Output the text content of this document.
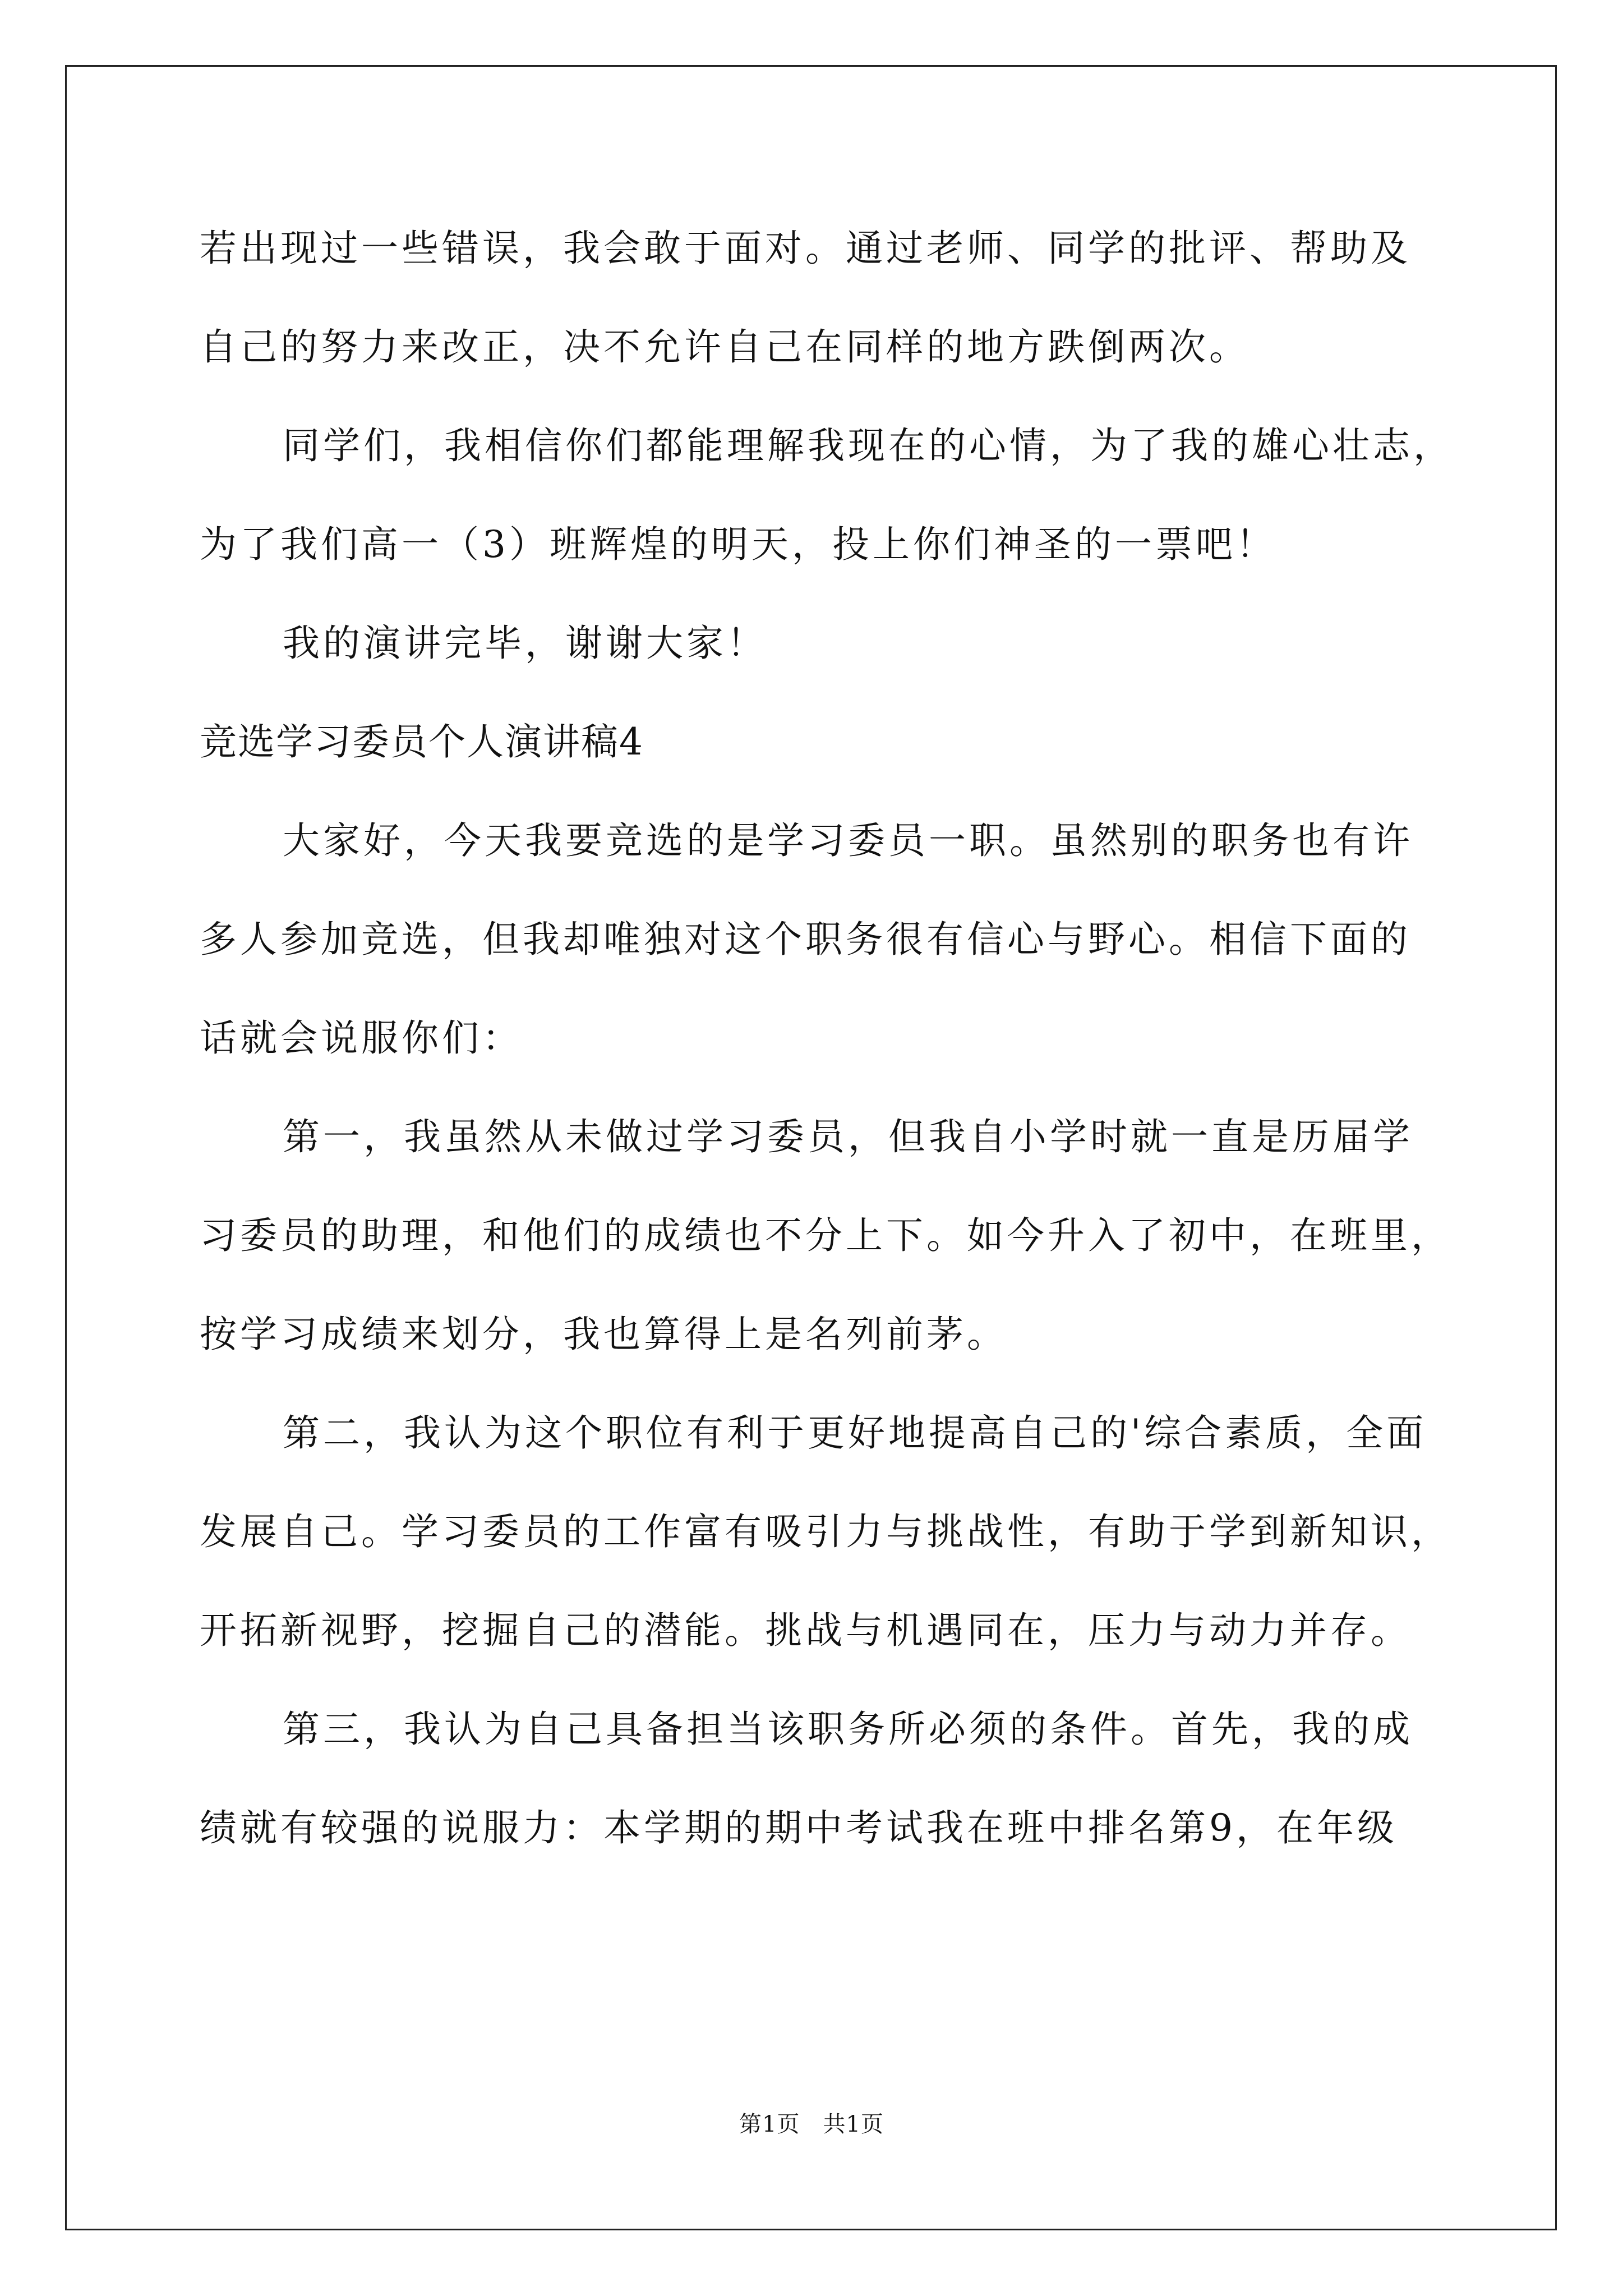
若出现过一些错误，我会敢于面对。通过老师、同学的批评、帮助及
自己的努力来改正，决不允许自己在同样的地方跌倒两次。
同学们，我相信你们都能理解我现在的心情，为了我的雄心壮志，
为了我们高一（3）班辉煌的明天，投上你们神圣的一票吧！
我的演讲完毕，谢谢大家！
竞选学习委员个人演讲稿4
大家好，今天我要竞选的是学习委员一职。虽然别的职务也有许
多人参加竞选，但我却唯独对这个职务很有信心与野心。相信下面的
话就会说服你们：
第一，我虽然从未做过学习委员，但我自小学时就一直是历届学
习委员的助理，和他们的成绩也不分上下。如今升入了初中，在班里，
按学习成绩来划分，我也算得上是名列前茅。
第二，我认为这个职位有利于更好地提高自己的'综合素质，全面
发展自己。学习委员的工作富有吸引力与挑战性，有助于学到新知识，
开拓新视野，挖掘自己的潜能。挑战与机遇同在，压力与动力并存。
第三，我认为自己具备担当该职务所必须的条件。首先，我的成
绩就有较强的说服力：本学期的期中考试我在班中排名第9，在年级
第1页　共1页
